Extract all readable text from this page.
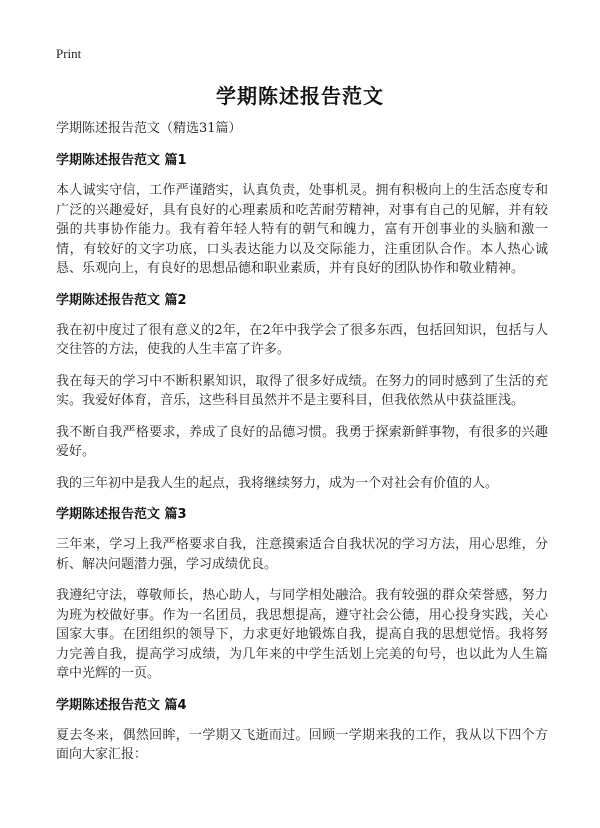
Print
学期陈述报告范文

学期陈述报告范文（精选31篇）

学期陈述报告范文 篇1

本人诚实守信，工作严谨踏实，认真负责，处事机灵。拥有积极向上的生活态度专和广泛的兴趣爱好，具有良好的心理素质和吃苦耐劳精神，对事有自己的见解，并有较强的共事协作能力。我有着年轻人特有的朝气和魄力，富有开创事业的头脑和激一情，有较好的文字功底，口头表达能力以及交际能力，注重团队合作。本人热心诚恳、乐观向上，有良好的思想品德和职业素质，并有良好的团队协作和敬业精神。

学期陈述报告范文 篇2

我在初中度过了很有意义的2年，在2年中我学会了很多东西，包括回知识，包括与人交往答的方法，使我的人生丰富了许多。

我在每天的学习中不断积累知识，取得了很多好成绩。在努力的同时感到了生活的充实。我爱好体育，音乐，这些科目虽然并不是主要科目，但我依然从中获益匪浅。

我不断自我严格要求，养成了良好的品德习惯。我勇于探索新鲜事物，有很多的兴趣爱好。

我的三年初中是我人生的起点，我将继续努力，成为一个对社会有价值的人。

学期陈述报告范文 篇3

三年来，学习上我严格要求自我，注意摸索适合自我状况的学习方法，用心思维，分析、解决问题潜力强，学习成绩优良。

我遵纪守法，尊敬师长，热心助人，与同学相处融洽。我有较强的群众荣誉感，努力为班为校做好事。作为一名团员，我思想提高，遵守社会公德，用心投身实践，关心国家大事。在团组织的领导下，力求更好地锻炼自我，提高自我的思想觉悟。我将努力完善自我，提高学习成绩，为几年来的中学生活划上完美的句号，也以此为人生篇章中光辉的一页。

学期陈述报告范文 篇4

夏去冬来，偶然回眸，一学期又飞逝而过。回顾一学期来我的工作，我从以下四个方面向大家汇报：
